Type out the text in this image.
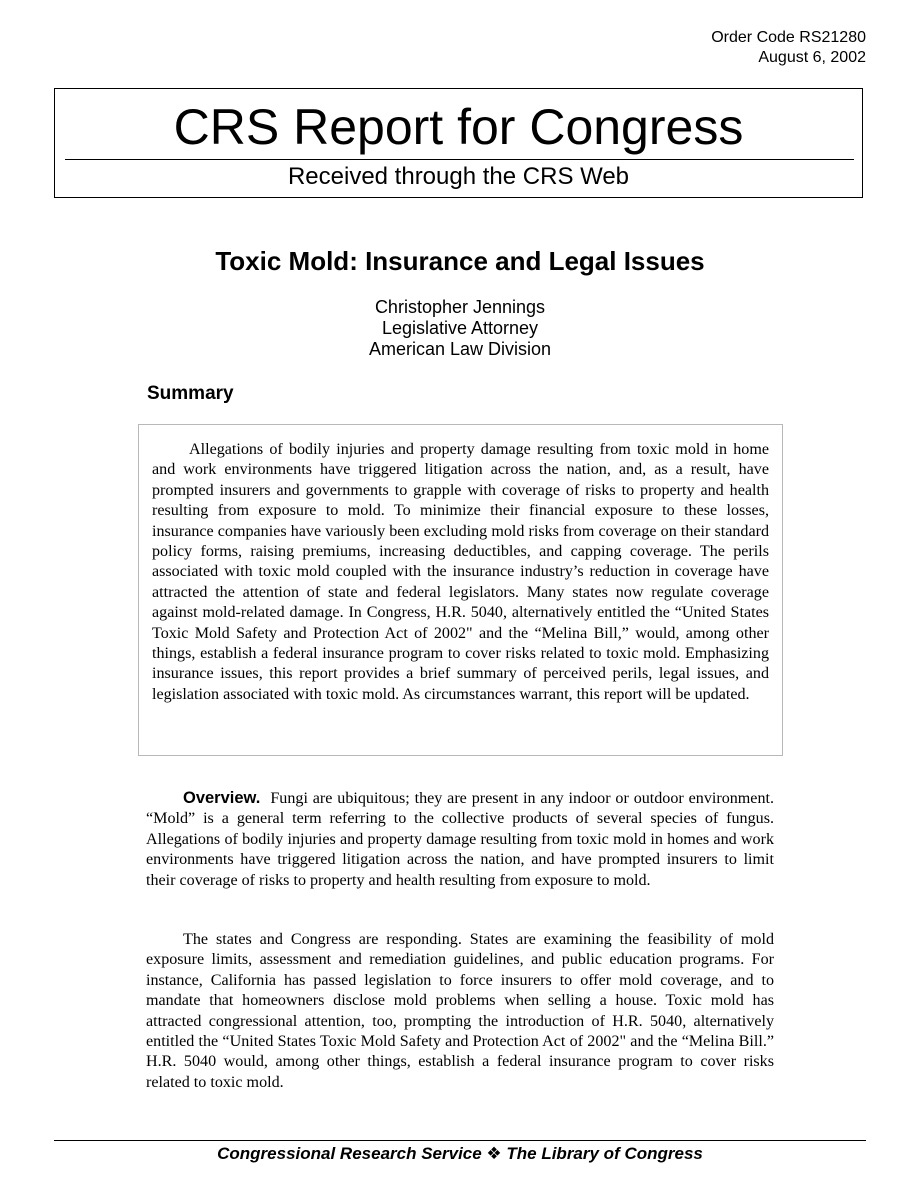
Order Code RS21280
August 6, 2002
CRS Report for Congress
Received through the CRS Web
Toxic Mold: Insurance and Legal Issues
Christopher Jennings
Legislative Attorney
American Law Division
Summary

Allegations of bodily injuries and property damage resulting from toxic mold in home and work environments have triggered litigation across the nation, and, as a result, have prompted insurers and governments to grapple with coverage of risks to property and health resulting from exposure to mold. To minimize their financial exposure to these losses, insurance companies have variously been excluding mold risks from coverage on their standard policy forms, raising premiums, increasing deductibles, and capping coverage. The perils associated with toxic mold coupled with the insurance industry’s reduction in coverage have attracted the attention of state and federal legislators. Many states now regulate coverage against mold-related damage. In Congress, H.R. 5040, alternatively entitled the “United States Toxic Mold Safety and Protection Act of 2002" and the “Melina Bill,” would, among other things, establish a federal insurance program to cover risks related to toxic mold. Emphasizing insurance issues, this report provides a brief summary of perceived perils, legal issues, and legislation associated with toxic mold. As circumstances warrant, this report will be updated.

Overview. Fungi are ubiquitous; they are present in any indoor or outdoor environment. “Mold” is a general term referring to the collective products of several species of fungus. Allegations of bodily injuries and property damage resulting from toxic mold in homes and work environments have triggered litigation across the nation, and have prompted insurers to limit their coverage of risks to property and health resulting from exposure to mold.

The states and Congress are responding. States are examining the feasibility of mold exposure limits, assessment and remediation guidelines, and public education programs. For instance, California has passed legislation to force insurers to offer mold coverage, and to mandate that homeowners disclose mold problems when selling a house. Toxic mold has attracted congressional attention, too, prompting the introduction of H.R. 5040, alternatively entitled the “United States Toxic Mold Safety and Protection Act of 2002" and the “Melina Bill.” H.R. 5040 would, among other things, establish a federal insurance program to cover risks related to toxic mold.

Congressional Research Service ❖ The Library of Congress
